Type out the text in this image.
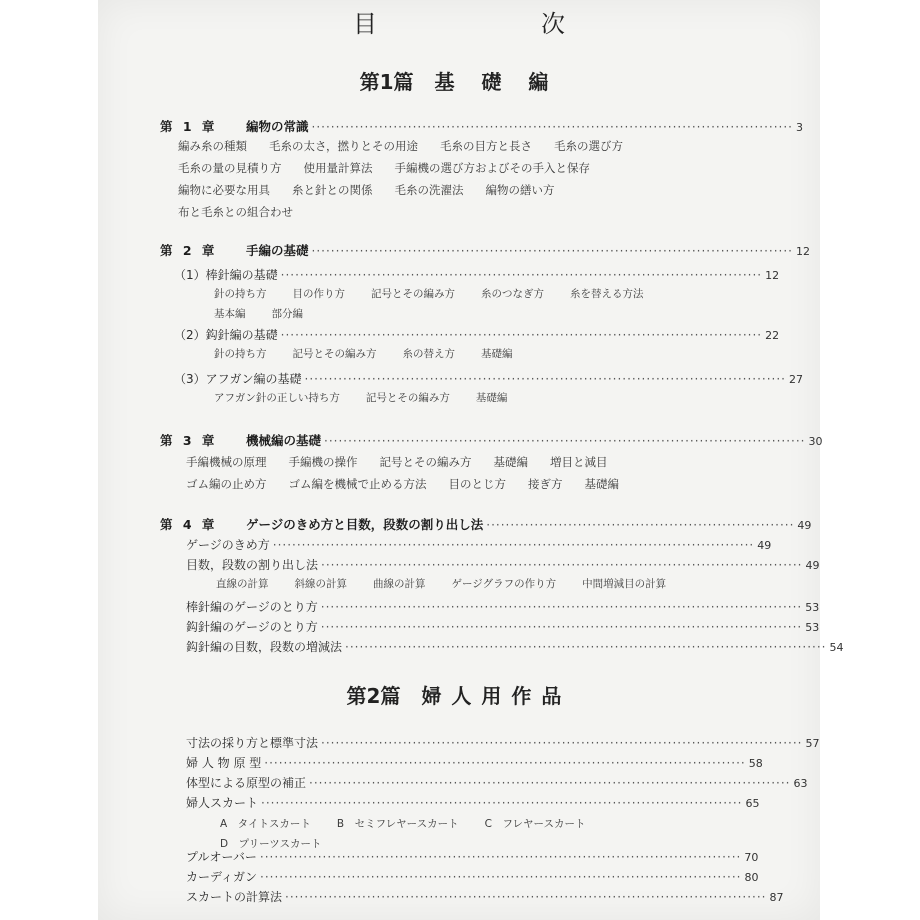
目　次
第1篇 基 礎 編
第 1 章 編物の常識 ···································································································· 3
編み糸の種類 毛糸の太さ，撚りとその用途 毛糸の目方と長さ 毛糸の選び方
毛糸の量の見積り方 使用量計算法 手編機の選び方およびその手入と保存
編物に必要な用具 糸と針との関係 毛糸の洗濯法 編物の繕い方
布と毛糸との組合わせ
第 2 章 手編の基礎 ···································································································· 12
（1）棒針編の基礎 ···································································································· 12
針の持ち方 目の作り方 記号とその編み方 糸のつなぎ方 糸を替える方法
基本編 部分編
（2）鈎針編の基礎 ···································································································· 22
針の持ち方 記号とその編み方 糸の替え方 基礎編
（3）アフガン編の基礎 ···································································································· 27
アフガン針の正しい持ち方 記号とその編み方 基礎編
第 3 章 機械編の基礎 ···································································································· 30
手編機械の原理 手編機の操作 記号とその編み方 基礎編 増目と減目
ゴム編の止め方 ゴム編を機械で止める方法 目のとじ方 接ぎ方 基礎編
第 4 章 ゲージのきめ方と目数，段数の割り出し法 ································································ 49
ゲージのきめ方 ···································································································· 49
目数，段数の割り出し法 ···································································································· 49
直線の計算 斜線の計算 曲線の計算 ゲージグラフの作り方 中間増減目の計算
棒針編のゲージのとり方 ···································································································· 53
鈎針編のゲージのとり方 ···································································································· 53
鈎針編の目数，段数の増減法 ···································································································· 54
第2篇 婦人用作品
寸法の採り方と標準寸法 ···································································································· 57
婦 人 物 原 型 ···································································································· 58
体型による原型の補正 ···································································································· 63
婦人スカート ···································································································· 65
A　タイトスカート B　セミフレヤースカート C　フレヤースカート
D　プリーツスカート
プルオーバー ···································································································· 70
カーディガン ···································································································· 80
スカートの計算法 ···································································································· 87
